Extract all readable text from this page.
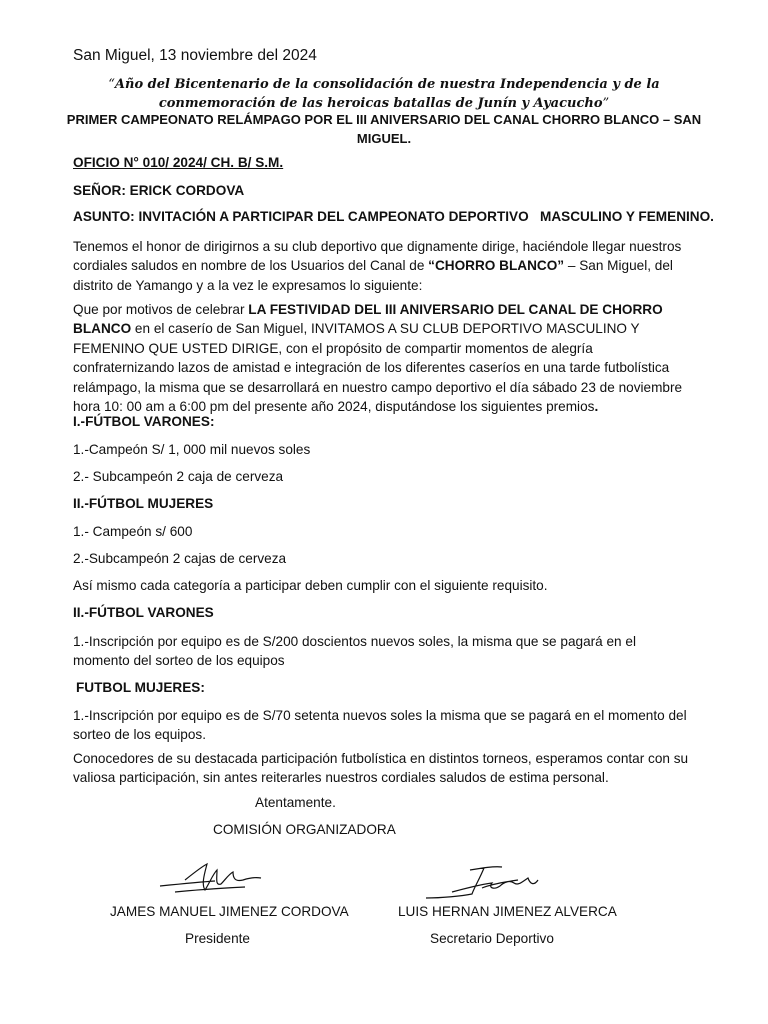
San Miguel, 13 noviembre del 2024
“Año del Bicentenario de la consolidación de nuestra Independencia y de la
conmemoración de las heroicas batallas de Junín y Ayacucho”
PRIMER CAMPEONATO RELÁMPAGO POR EL III ANIVERSARIO DEL CANAL CHORRO BLANCO – SAN MIGUEL.
OFICIO N° 010/ 2024/ CH. B/ S.M.
SEÑOR: ERICK CORDOVA
ASUNTO: INVITACIÓN A PARTICIPAR DEL CAMPEONATO DEPORTIVO   MASCULINO Y FEMENINO.
Tenemos el honor de dirigirnos a su club deportivo que dignamente dirige, haciéndole llegar nuestros cordiales saludos en nombre de los Usuarios del Canal de “CHORRO BLANCO” – San Miguel, del distrito de Yamango y a la vez le expresamos lo siguiente:
Que por motivos de celebrar LA FESTIVIDAD DEL III ANIVERSARIO DEL CANAL DE CHORRO BLANCO en el caserío de San Miguel, INVITAMOS A SU CLUB DEPORTIVO MASCULINO Y FEMENINO QUE USTED DIRIGE, con el propósito de compartir momentos de alegría confraternizando lazos de amistad e integración de los diferentes caseríos en una tarde futbolística relámpago, la misma que se desarrollará en nuestro campo deportivo el día sábado 23 de noviembre hora 10: 00 am a 6:00 pm del presente año 2024, disputándose los siguientes premios.
I.-FÚTBOL VARONES:
1.-Campeón S/ 1, 000 mil nuevos soles
2.- Subcampeón 2 caja de cerveza
II.-FÚTBOL MUJERES
1.- Campeón s/ 600
2.-Subcampeón 2 cajas de cerveza
Así mismo cada categoría a participar deben cumplir con el siguiente requisito.
II.-FÚTBOL VARONES
1.-Inscripción por equipo es de S/200 doscientos nuevos soles, la misma que se pagará en el momento del sorteo de los equipos
FUTBOL MUJERES:
1.-Inscripción por equipo es de S/70 setenta nuevos soles la misma que se pagará en el momento del sorteo de los equipos.
Conocedores de su destacada participación futbolística en distintos torneos, esperamos contar con su valiosa participación, sin antes reiterarles nuestros cordiales saludos de estima personal.
Atentamente.
COMISIÓN ORGANIZADORA
JAMES MANUEL JIMENEZ CORDOVA	LUIS HERNAN JIMENEZ ALVERCA
Presidente	Secretario Deportivo
